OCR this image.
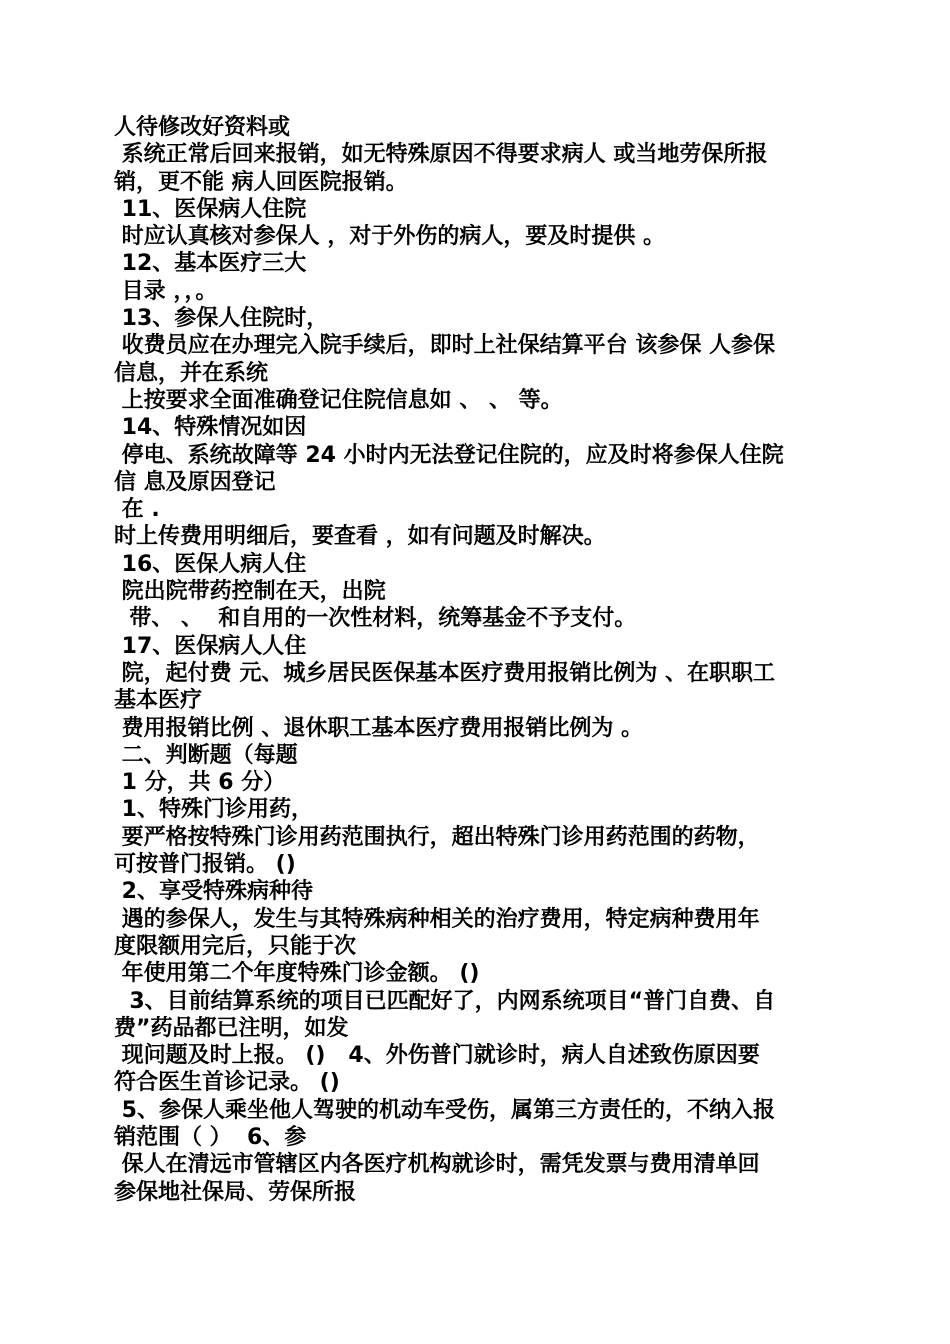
人待修改好资料或
系统正常后回来报销，如无特殊原因不得要求病人 或当地劳保所报
销，更不能 病人回医院报销。
11、医保病人住院
时应认真核对参保人 ，对于外伤的病人，要及时提供 。
12、基本医疗三大
目录 ，，。
13、参保人住院时，
收费员应在办理完入院手续后，即时上社保结算平台 该参保 人参保
信息，并在系统
上按要求全面准确登记住院信息如 、 、 等。
14、特殊情况如因
停电、系统故障等 24 小时内无法登记住院的，应及时将参保人住院
信 息及原因登记
在 .
时上传费用明细后，要查看 ，如有问题及时解决。
16、医保人病人住
院出院带药控制在天，出院
带、 、  和自用的一次性材料，统筹基金不予支付。
17、医保病人人住
院，起付费 元、城乡居民医保基本医疗费用报销比例为 、在职职工
基本医疗
费用报销比例 、退休职工基本医疗费用报销比例为 。
二、判断题（每题
1 分，共 6 分）
1、特殊门诊用药，
要严格按特殊门诊用药范围执行，超出特殊门诊用药范围的药物，
可按普门报销。 ()
2、享受特殊病种待
遇的参保人，发生与其特殊病种相关的治疗费用，特定病种费用年
度限额用完后，只能于次
年使用第二个年度特殊门诊金额。 ()
3、目前结算系统的项目已匹配好了，内网系统项目“普门自费、自
费”药品都已注明，如发
现问题及时上报。 ()   4、外伤普门就诊时，病人自述致伤原因要
符合医生首诊记录。 ()
5、参保人乘坐他人驾驶的机动车受伤，属第三方责任的，不纳入报
销范围（ ）  6、参
保人在清远市管辖区内各医疗机构就诊时，需凭发票与费用清单回
参保地社保局、劳保所报
